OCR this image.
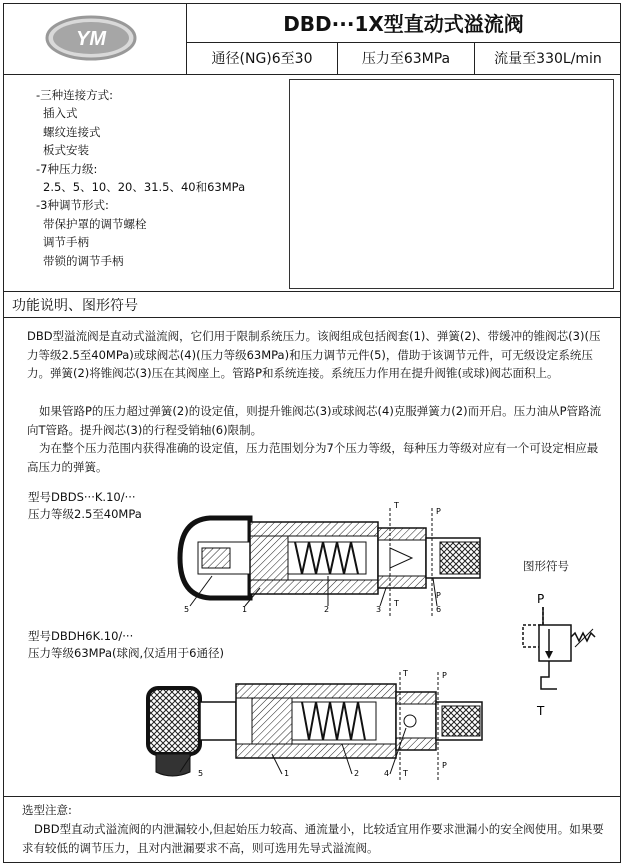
YM
DBD···1X型直动式溢流阀
通径(NG)6至30	压力至63MPa	流量至330L/min
-三种连接方式:
插入式
螺纹连接式
板式安装
-7种压力级:
2.5、5、10、20、31.5、40和63MPa
-3种调节形式:
带保护罩的调节螺栓
调节手柄
带锁的调节手柄
功能说明、图形符号
DBD型溢流阀是直动式溢流阀，它们用于限制系统压力。该阀组成包括阀套(1)、弹簧(2)、带缓冲的锥阀芯(3)(压力等级2.5至40MPa)或球阀芯(4)(压力等级63MPa)和压力调节元件(5)，借助于该调节元件，可无级设定系统压力。弹簧(2)将锥阀芯(3)压在其阀座上。管路P和系统连接。系统压力作用在提升阀锥(或球)阀芯面积上。
如果管路P的压力超过弹簧(2)的设定值，则提升锥阀芯(3)或球阀芯(4)克服弹簧力(2)而开启。压力油从P管路流向T管路。提升阀芯(3)的行程受销轴(6)限制。
为在整个压力范围内获得准确的设定值，压力范围划分为7个压力等级，每种压力等级对应有一个可设定相应最高压力的弹簧。
型号DBDS···K.10/···
压力等级2.5至40MPa
5	1	2	3
T
6
T
P
P
图形符号
P
T
型号DBDH6K.10/···
压力等级63MPa(球阀,仅适用于6通径)
5	1	2	T
4
T	P
P
选型注意:
DBD型直动式溢流阀的内泄漏较小,但起始压力较高、通流量小，比较适宜用作要求泄漏小的安全阀使用。如果要求有较低的调节压力，且对内泄漏要求不高，则可选用先导式溢流阀。
